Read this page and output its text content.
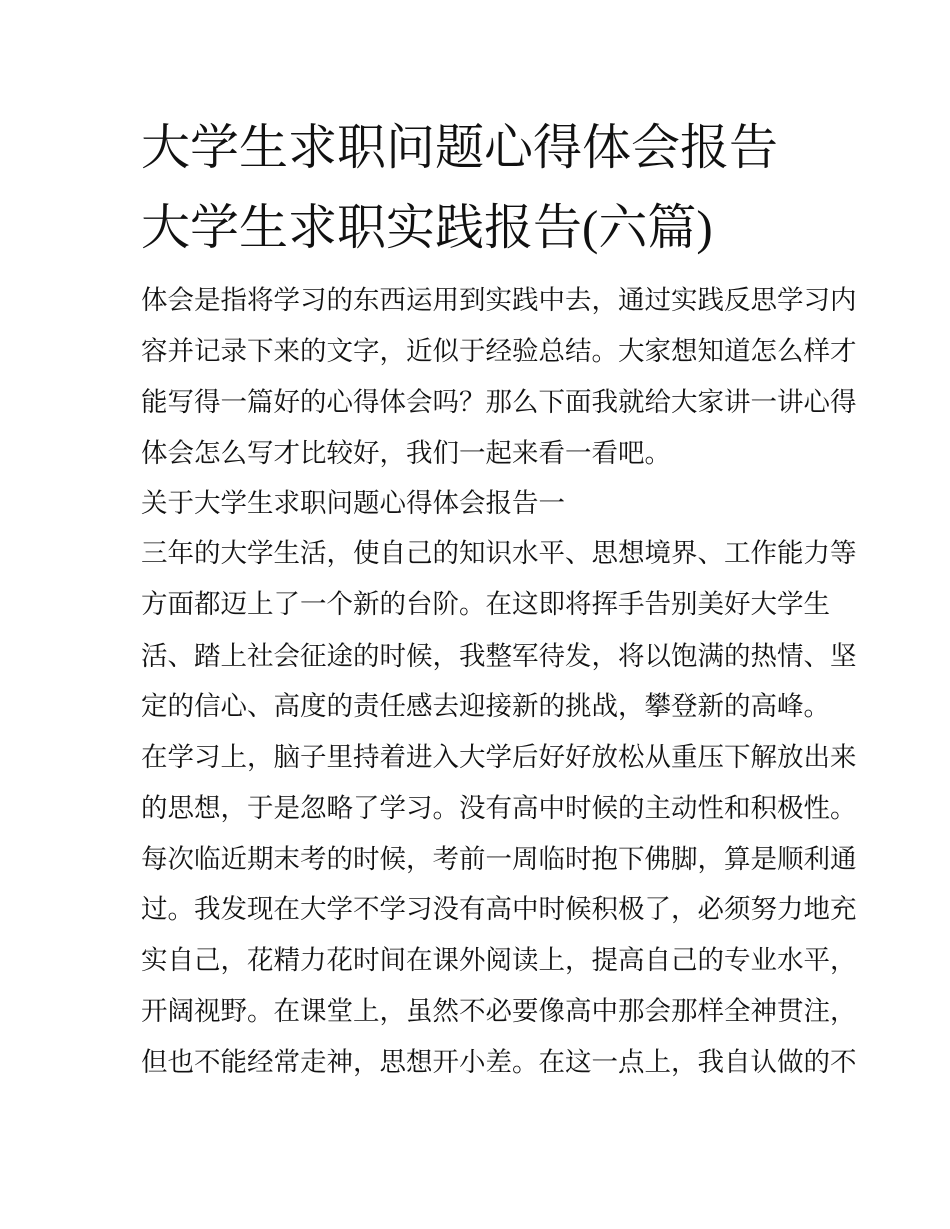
大学生求职问题心得体会报告
大学生求职实践报告(六篇)
体会是指将学习的东西运用到实践中去，通过实践反思学习内
容并记录下来的文字，近似于经验总结。大家想知道怎么样才
能写得一篇好的心得体会吗？那么下面我就给大家讲一讲心得
体会怎么写才比较好，我们一起来看一看吧。
关于大学生求职问题心得体会报告一
三年的大学生活，使自己的知识水平、思想境界、工作能力等
方面都迈上了一个新的台阶。在这即将挥手告别美好大学生
活、踏上社会征途的时候，我整军待发，将以饱满的热情、坚
定的信心、高度的责任感去迎接新的挑战，攀登新的高峰。
在学习上，脑子里持着进入大学后好好放松从重压下解放出来
的思想，于是忽略了学习。没有高中时候的主动性和积极性。
每次临近期末考的时候，考前一周临时抱下佛脚，算是顺利通
过。我发现在大学不学习没有高中时候积极了，必须努力地充
实自己，花精力花时间在课外阅读上，提高自己的专业水平，
开阔视野。在课堂上，虽然不必要像高中那会那样全神贯注，
但也不能经常走神，思想开小差。在这一点上，我自认做的不
